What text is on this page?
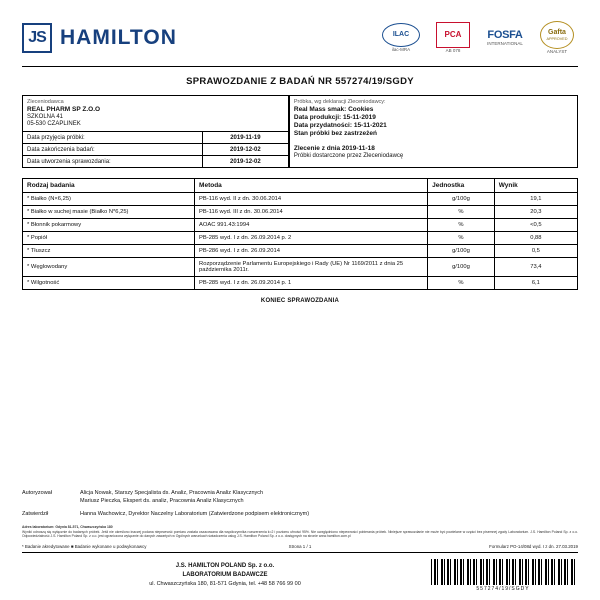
JS HAMILTON	ILAC
ilac-MRA
PCA
AB 078
FOSFA
INTERNATIONAL
Gafta
APPROVED
ANALYST
SPRAWOZDANIE Z BADAŃ NR 557274/19/SGDY
Zleceniodawca
REAL PHARM SP Z.O.O
SZKOLNA 41
05-530 CZAPLINEK
Data przyjęcia próbki:	2019-11-19
Data zakończenia badań:	2019-12-02
Data utworzenia sprawozdania:	2019-12-02
Próbka, wg deklaracji Zleceniodawcy:
Real Mass smak: Cookies
Data produkcji: 15-11-2019
Data przydatności: 15-11-2021
Stan próbki bez zastrzeżeń
Zlecenie z dnia 2019-11-18
Próbki dostarczone przez Zleceniodawcę
Rodzaj badania	Metoda	Jednostka	Wynik
* Białko (N×6,25)	PB-116 wyd. II z dn. 30.06.2014	g/100g	19,1
* Białko w suchej masie (Białko N*6,25)	PB-116 wyd. III z dn. 30.06.2014	%	20,3
* Błonnik pokarmowy	AOAC 991.43:1994	%	<0,5
* Popiół	PB-285 wyd. I z dn. 26.09.2014 p. 2	%	0,88
* Tłuszcz	PB-286 wyd. I z dn. 26.09.2014	g/100g	0,5
* Węglowodany	Rozporządzenie Parlamentu Europejskiego i Rady (UE) Nr 1169/2011 z dnia 25 października 2011r.	g/100g	73,4
* Wilgotność	PB-285 wyd. I z dn. 26.09.2014 p. 1	%	6,1
KONIEC SPRAWOZDANIA
Autoryzował	Alicja Nowak, Starszy Specjalista ds. Analiz, Pracownia Analiz Klasycznych
Mariusz Pieczka, Ekspert ds. analiz, Pracownia Analiz Klasycznych
Zatwierdził	Hanna Wachowicz, Dyrektor Naczelny Laboratorium (Zatwierdzone podpisem elektronicznym)
Adres laboratorium: Gdynia 81-571, Chwaszczyńska 180
Wyniki odnoszą się wyłącznie do badanych próbek. Jeśli nie określono inaczej podana niepewność pomiaru została oszacowana dla współczynnika rozszerzenia k=2 i poziomu ufności 95%. Nie uwzględniono niepewności pobierania próbek. Niniejsze sprawozdanie nie może być powielane w części bez pisemnej zgody Laboratorium. J.S. Hamilton Poland Sp. z o.o. Odpowiedzialność J.S. Hamilton Poland Sp. z o.o. jest ograniczona wyłącznie do danych zawartych w Ogólnych warunkach świadczenia usług J.S. Hamilton Poland Sp. z o.o. dostępnych na stronie www.hamilton.com.pl
* Badanie akredytowane ■ Badanie wykonane u podwykonawcy	Strona 1 / 1	Formularz PO-14/08d wyd. I z dn. 27.03.2019
J.S. HAMILTON POLAND Sp. z o.o.
LABORATORIUM BADAWCZE
ul. Chwaszczyńska 180, 81-571 Gdynia, tel. +48 58 766 99 00
557274/19/SGDY
